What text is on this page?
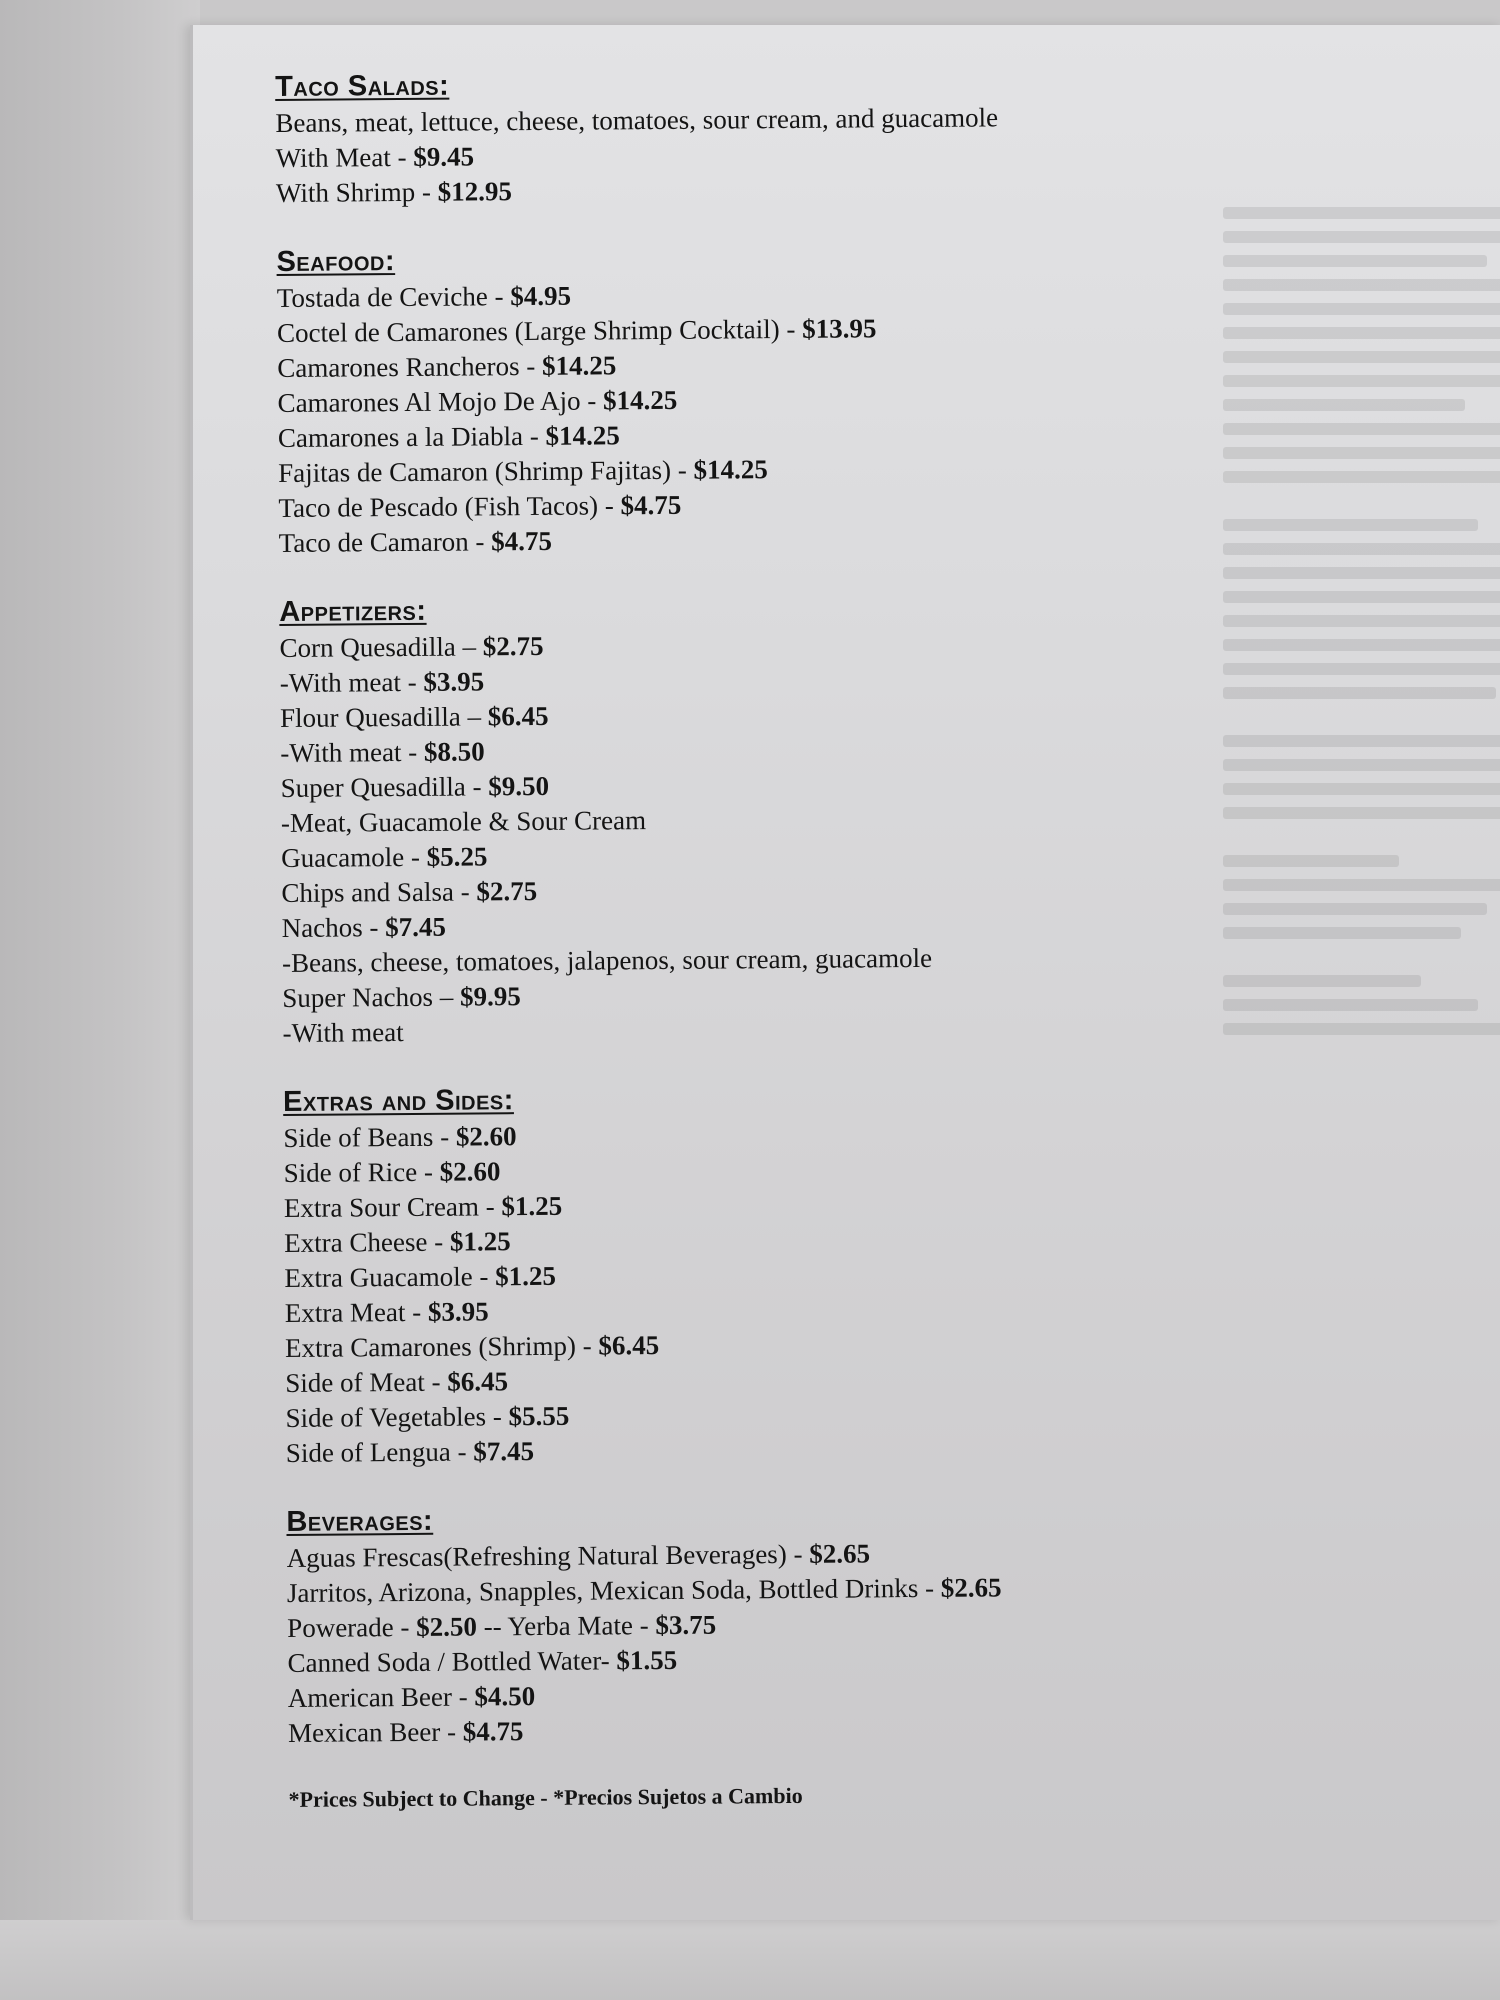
Taco Salads:
Beans, meat, lettuce, cheese, tomatoes, sour cream, and guacamole
With Meat - $9.45
With Shrimp - $12.95
Seafood:
Tostada de Ceviche - $4.95
Coctel de Camarones (Large Shrimp Cocktail) - $13.95
Camarones Rancheros - $14.25
Camarones Al Mojo De Ajo - $14.25
Camarones a la Diabla - $14.25
Fajitas de Camaron (Shrimp Fajitas) - $14.25
Taco de Pescado (Fish Tacos) - $4.75
Taco de Camaron - $4.75
Appetizers:
Corn Quesadilla – $2.75
-With meat - $3.95
Flour Quesadilla – $6.45
-With meat - $8.50
Super Quesadilla - $9.50
-Meat, Guacamole & Sour Cream
Guacamole - $5.25
Chips and Salsa - $2.75
Nachos - $7.45
-Beans, cheese, tomatoes, jalapenos, sour cream, guacamole
Super Nachos – $9.95
-With meat
Extras and Sides:
Side of Beans - $2.60
Side of Rice - $2.60
Extra Sour Cream - $1.25
Extra Cheese - $1.25
Extra Guacamole - $1.25
Extra Meat - $3.95
Extra Camarones (Shrimp) - $6.45
Side of Meat - $6.45
Side of Vegetables - $5.55
Side of Lengua - $7.45
Beverages:
Aguas Frescas(Refreshing Natural Beverages) - $2.65
Jarritos, Arizona, Snapples, Mexican Soda, Bottled Drinks - $2.65
Powerade - $2.50 -- Yerba Mate - $3.75
Canned Soda / Bottled Water- $1.55
American Beer - $4.50
Mexican Beer - $4.75
*Prices Subject to Change - *Precios Sujetos a Cambio
